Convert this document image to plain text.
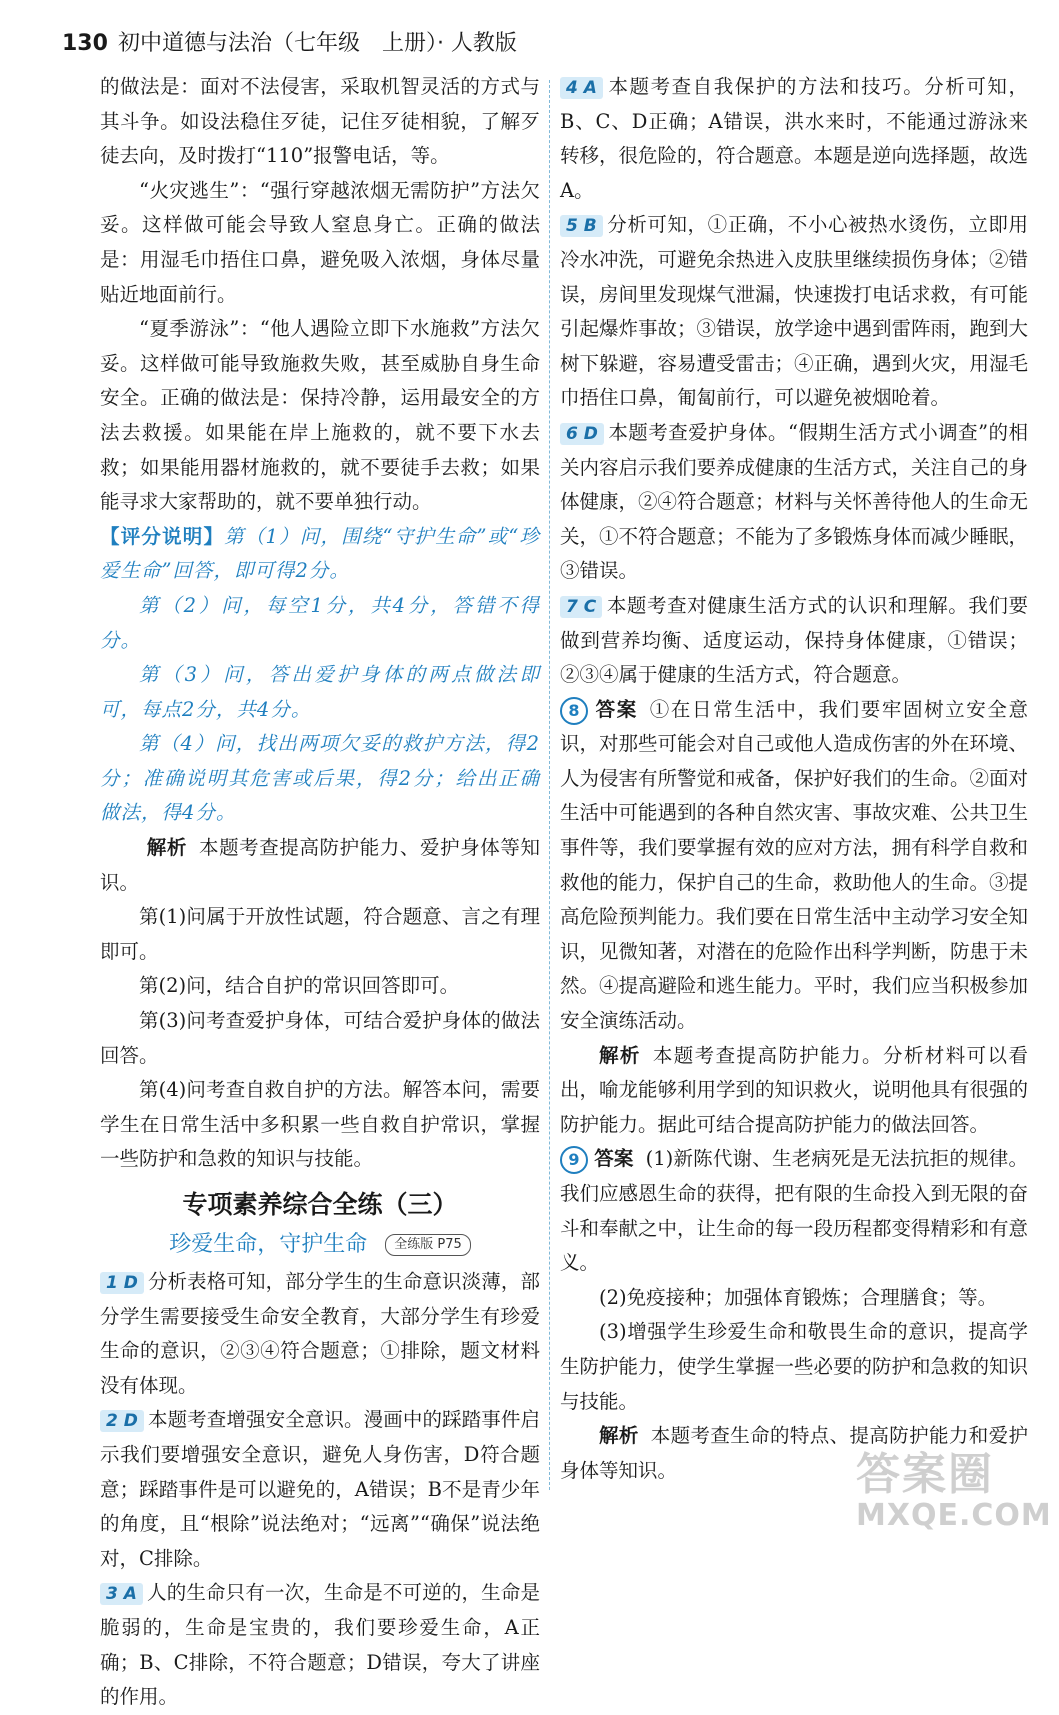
130 初中道德与法治（七年级　上册）· 人教版

的做法是：面对不法侵害，采取机智灵活的方式与其斗争。如设法稳住歹徒，记住歹徒相貌，了解歹徒去向，及时拨打“110”报警电话，等。

“火灾逃生”：“强行穿越浓烟无需防护”方法欠妥。这样做可能会导致人窒息身亡。正确的做法是：用湿毛巾捂住口鼻，避免吸入浓烟，身体尽量贴近地面前行。

“夏季游泳”：“他人遇险立即下水施救”方法欠妥。这样做可能导致施救失败，甚至威胁自身生命安全。正确的做法是：保持冷静，运用最安全的方法去救援。如果能在岸上施救的，就不要下水去救；如果能用器材施救的，就不要徒手去救；如果能寻求大家帮助的，就不要单独行动。

【评分说明】第（1）问，围绕“守护生命”或“珍爱生命”回答，即可得2分。

第（2）问，每空1分，共4分，答错不得分。

第（3）问，答出爱护身体的两点做法即可，每点2分，共4分。

第（4）问，找出两项欠妥的救护方法，得2分；准确说明其危害或后果，得2分；给出正确做法，得4分。

解析 本题考查提高防护能力、爱护身体等知识。

第(1)问属于开放性试题，符合题意、言之有理即可。

第(2)问，结合自护的常识回答即可。

第(3)问考查爱护身体，可结合爱护身体的做法回答。

第(4)问考查自救自护的方法。解答本问，需要学生在日常生活中多积累一些自救自护常识，掌握一些防护和急救的知识与技能。

专项素养综合全练（三）
珍爱生命，守护生命 全练版 P75

1 D 分析表格可知，部分学生的生命意识淡薄，部分学生需要接受生命安全教育，大部分学生有珍爱生命的意识，②③④符合题意；①排除，题文材料没有体现。

2 D 本题考查增强安全意识。漫画中的踩踏事件启示我们要增强安全意识，避免人身伤害，D符合题意；踩踏事件是可以避免的，A错误；B不是青少年的角度，且“根除”说法绝对；“远离”“确保”说法绝对，C排除。

3 A 人的生命只有一次，生命是不可逆的，生命是脆弱的，生命是宝贵的，我们要珍爱生命，A正确；B、C排除，不符合题意；D错误，夸大了讲座的作用。

4 A 本题考查自我保护的方法和技巧。分析可知，B、C、D正确；A错误，洪水来时，不能通过游泳来转移，很危险的，符合题意。本题是逆向选择题，故选A。

5 B 分析可知，①正确，不小心被热水烫伤，立即用冷水冲洗，可避免余热进入皮肤里继续损伤身体；②错误，房间里发现煤气泄漏，快速拨打电话求救，有可能引起爆炸事故；③错误，放学途中遇到雷阵雨，跑到大树下躲避，容易遭受雷击；④正确，遇到火灾，用湿毛巾捂住口鼻，匍匐前行，可以避免被烟呛着。

6 D 本题考查爱护身体。“假期生活方式小调查”的相关内容启示我们要养成健康的生活方式，关注自己的身体健康，②④符合题意；材料与关怀善待他人的生命无关，①不符合题意；不能为了多锻炼身体而减少睡眠，③错误。

7 C 本题考查对健康生活方式的认识和理解。我们要做到营养均衡、适度运动，保持身体健康，①错误；②③④属于健康的生活方式，符合题意。

8 答案 ①在日常生活中，我们要牢固树立安全意识，对那些可能会对自己或他人造成伤害的外在环境、人为侵害有所警觉和戒备，保护好我们的生命。②面对生活中可能遇到的各种自然灾害、事故灾难、公共卫生事件等，我们要掌握有效的应对方法，拥有科学自救和救他的能力，保护自己的生命，救助他人的生命。③提高危险预判能力。我们要在日常生活中主动学习安全知识，见微知著，对潜在的危险作出科学判断，防患于未然。④提高避险和逃生能力。平时，我们应当积极参加安全演练活动。

解析 本题考查提高防护能力。分析材料可以看出，喻龙能够利用学到的知识救火，说明他具有很强的防护能力。据此可结合提高防护能力的做法回答。

9 答案 (1)新陈代谢、生老病死是无法抗拒的规律。我们应感恩生命的获得，把有限的生命投入到无限的奋斗和奉献之中，让生命的每一段历程都变得精彩和有意义。

(2)免疫接种；加强体育锻炼；合理膳食；等。

(3)增强学生珍爱生命和敬畏生命的意识，提高学生防护能力，使学生掌握一些必要的防护和急救的知识与技能。

解析 本题考查生命的特点、提高防护能力和爱护身体等知识。	答案圈
MXQE.COM
